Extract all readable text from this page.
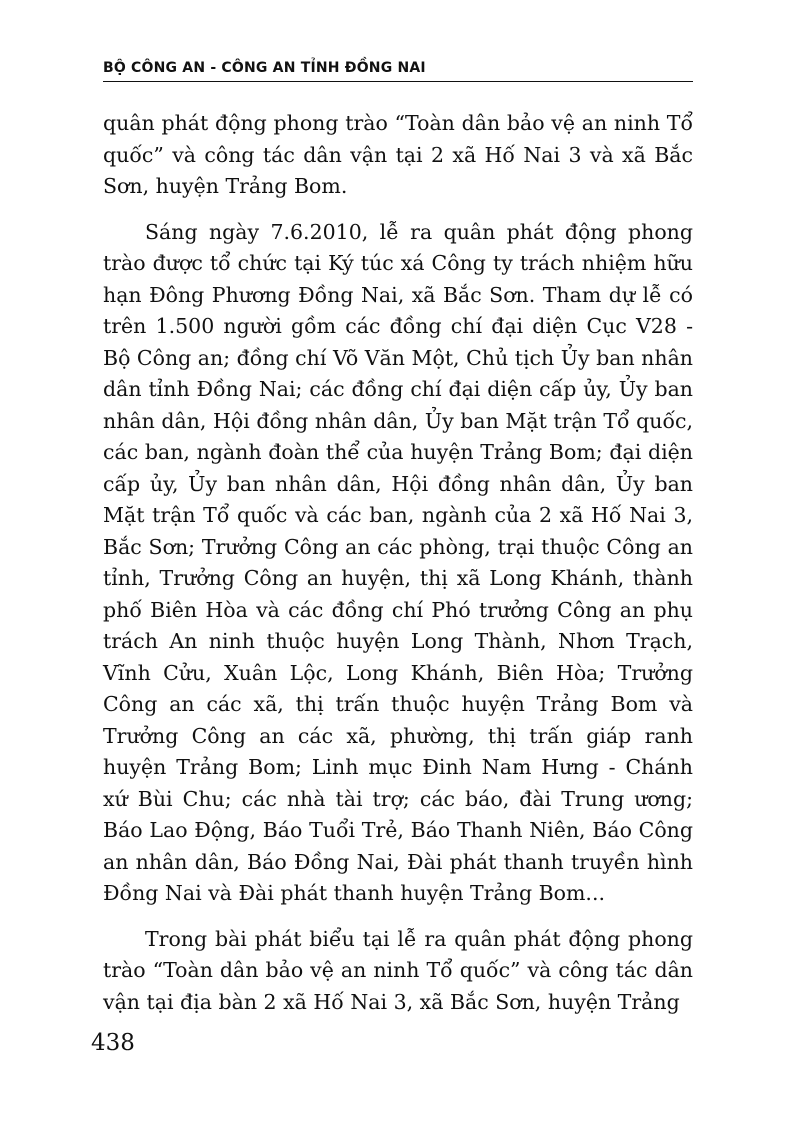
BỘ CÔNG AN - CÔNG AN TỈNH ĐỒNG NAI

quân phát động phong trào “Toàn dân bảo vệ an ninh Tổ quốc” và công tác dân vận tại 2 xã Hố Nai 3 và xã Bắc Sơn, huyện Trảng Bom.

Sáng ngày 7.6.2010, lễ ra quân phát động phong trào được tổ chức tại Ký túc xá Công ty trách nhiệm hữu hạn Đông Phương Đồng Nai, xã Bắc Sơn. Tham dự lễ có trên 1.500 người gồm các đồng chí đại diện Cục V28 - Bộ Công an; đồng chí Võ Văn Một, Chủ tịch Ủy ban nhân dân tỉnh Đồng Nai; các đồng chí đại diện cấp ủy, Ủy ban nhân dân, Hội đồng nhân dân, Ủy ban Mặt trận Tổ quốc, các ban, ngành đoàn thể của huyện Trảng Bom; đại diện cấp ủy, Ủy ban nhân dân, Hội đồng nhân dân, Ủy ban Mặt trận Tổ quốc và các ban, ngành của 2 xã Hố Nai 3, Bắc Sơn; Trưởng Công an các phòng, trại thuộc Công an tỉnh, Trưởng Công an huyện, thị xã Long Khánh, thành phố Biên Hòa và các đồng chí Phó trưởng Công an phụ trách An ninh thuộc huyện Long Thành, Nhơn Trạch, Vĩnh Cửu, Xuân Lộc, Long Khánh, Biên Hòa; Trưởng Công an các xã, thị trấn thuộc huyện Trảng Bom và Trưởng Công an các xã, phường, thị trấn giáp ranh huyện Trảng Bom; Linh mục Đinh Nam Hưng - Chánh xứ Bùi Chu; các nhà tài trợ; các báo, đài Trung ương; Báo Lao Động, Báo Tuổi Trẻ, Báo Thanh Niên, Báo Công an nhân dân, Báo Đồng Nai, Đài phát thanh truyền hình Đồng Nai và Đài phát thanh huyện Trảng Bom...

Trong bài phát biểu tại lễ ra quân phát động phong trào “Toàn dân bảo vệ an ninh Tổ quốc” và công tác dân vận tại địa bàn 2 xã Hố Nai 3, xã Bắc Sơn, huyện Trảng

438
